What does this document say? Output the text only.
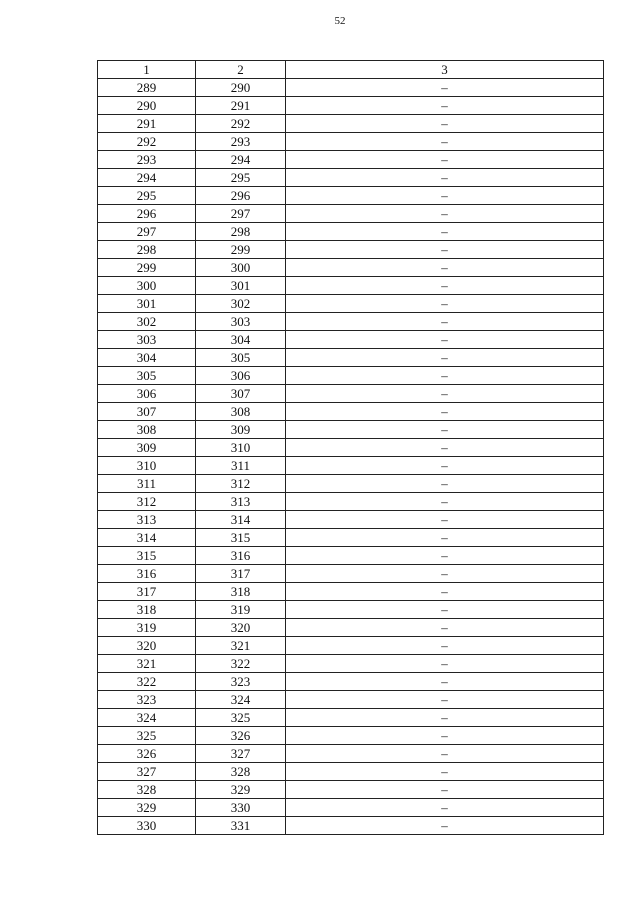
52
1	2	3
289	290	–
290	291	–
291	292	–
292	293	–
293	294	–
294	295	–
295	296	–
296	297	–
297	298	–
298	299	–
299	300	–
300	301	–
301	302	–
302	303	–
303	304	–
304	305	–
305	306	–
306	307	–
307	308	–
308	309	–
309	310	–
310	311	–
311	312	–
312	313	–
313	314	–
314	315	–
315	316	–
316	317	–
317	318	–
318	319	–
319	320	–
320	321	–
321	322	–
322	323	–
323	324	–
324	325	–
325	326	–
326	327	–
327	328	–
328	329	–
329	330	–
330	331	–
